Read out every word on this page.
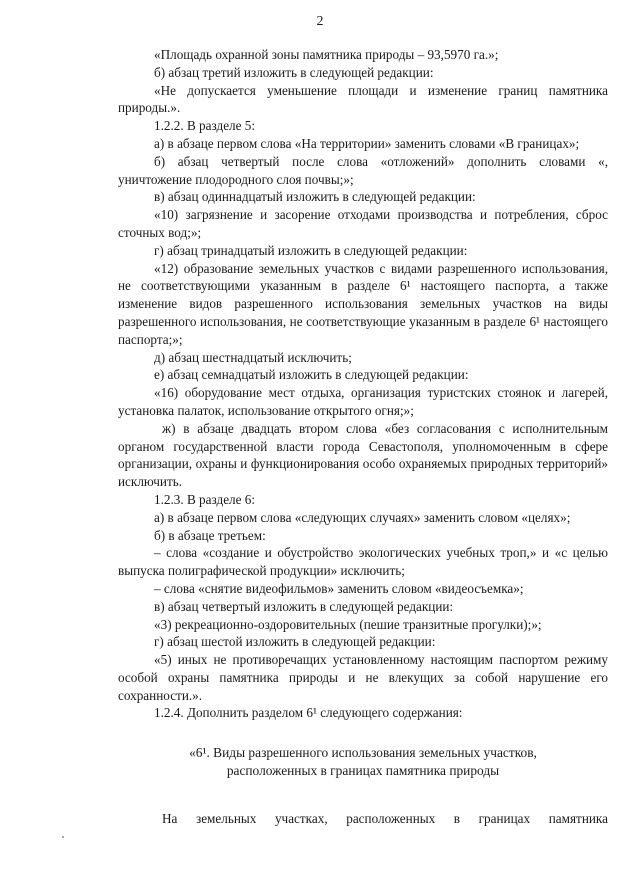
2

«Площадь охранной зоны памятника природы – 93,5970 га.»;

б) абзац третий изложить в следующей редакции:

«Не допускается уменьшение площади и изменение границ памятника природы.».

1.2.2. В разделе 5:

а) в абзаце первом слова «На территории» заменить словами «В границах»;

б) абзац четвертый после слова «отложений» дополнить словами «, уничтожение плодородного слоя почвы;»;

в) абзац одиннадцатый изложить в следующей редакции:

«10) загрязнение и засорение отходами производства и потребления, сброс сточных вод;»;

г) абзац тринадцатый изложить в следующей редакции:

«12) образование земельных участков с видами разрешенного использования, не соответствующими указанным в разделе 6¹ настоящего паспорта, а также изменение видов разрешенного использования земельных участков на виды разрешенного использования, не соответствующие указанным в разделе 6¹ настоящего паспорта;»;

д) абзац шестнадцатый исключить;

е) абзац семнадцатый изложить в следующей редакции:

«16) оборудование мест отдыха, организация туристских стоянок и лагерей, установка палаток, использование открытого огня;»;

ж) в абзаце двадцать втором слова «без согласования с исполнительным органом государственной власти города Севастополя, уполномоченным в сфере организации, охраны и функционирования особо охраняемых природных территорий» исключить.

1.2.3. В разделе 6:

а) в абзаце первом слова «следующих случаях» заменить словом «целях»;

б) в абзаце третьем:

– слова «создание и обустройство экологических учебных троп,» и «с целью выпуска полиграфической продукции» исключить;

– слова «снятие видеофильмов» заменить словом «видеосъемка»;

в) абзац четвертый изложить в следующей редакции:

«3) рекреационно-оздоровительных (пешие транзитные прогулки);»;

г) абзац шестой изложить в следующей редакции:

«5) иных не противоречащих установленному настоящим паспортом режиму особой охраны памятника природы и не влекущих за собой нарушение его сохранности.».

1.2.4. Дополнить разделом 6¹ следующего содержания:

«6¹. Виды разрешенного использования земельных участков,
расположенных в границах памятника природы

На земельных участках, расположенных в границах памятника
